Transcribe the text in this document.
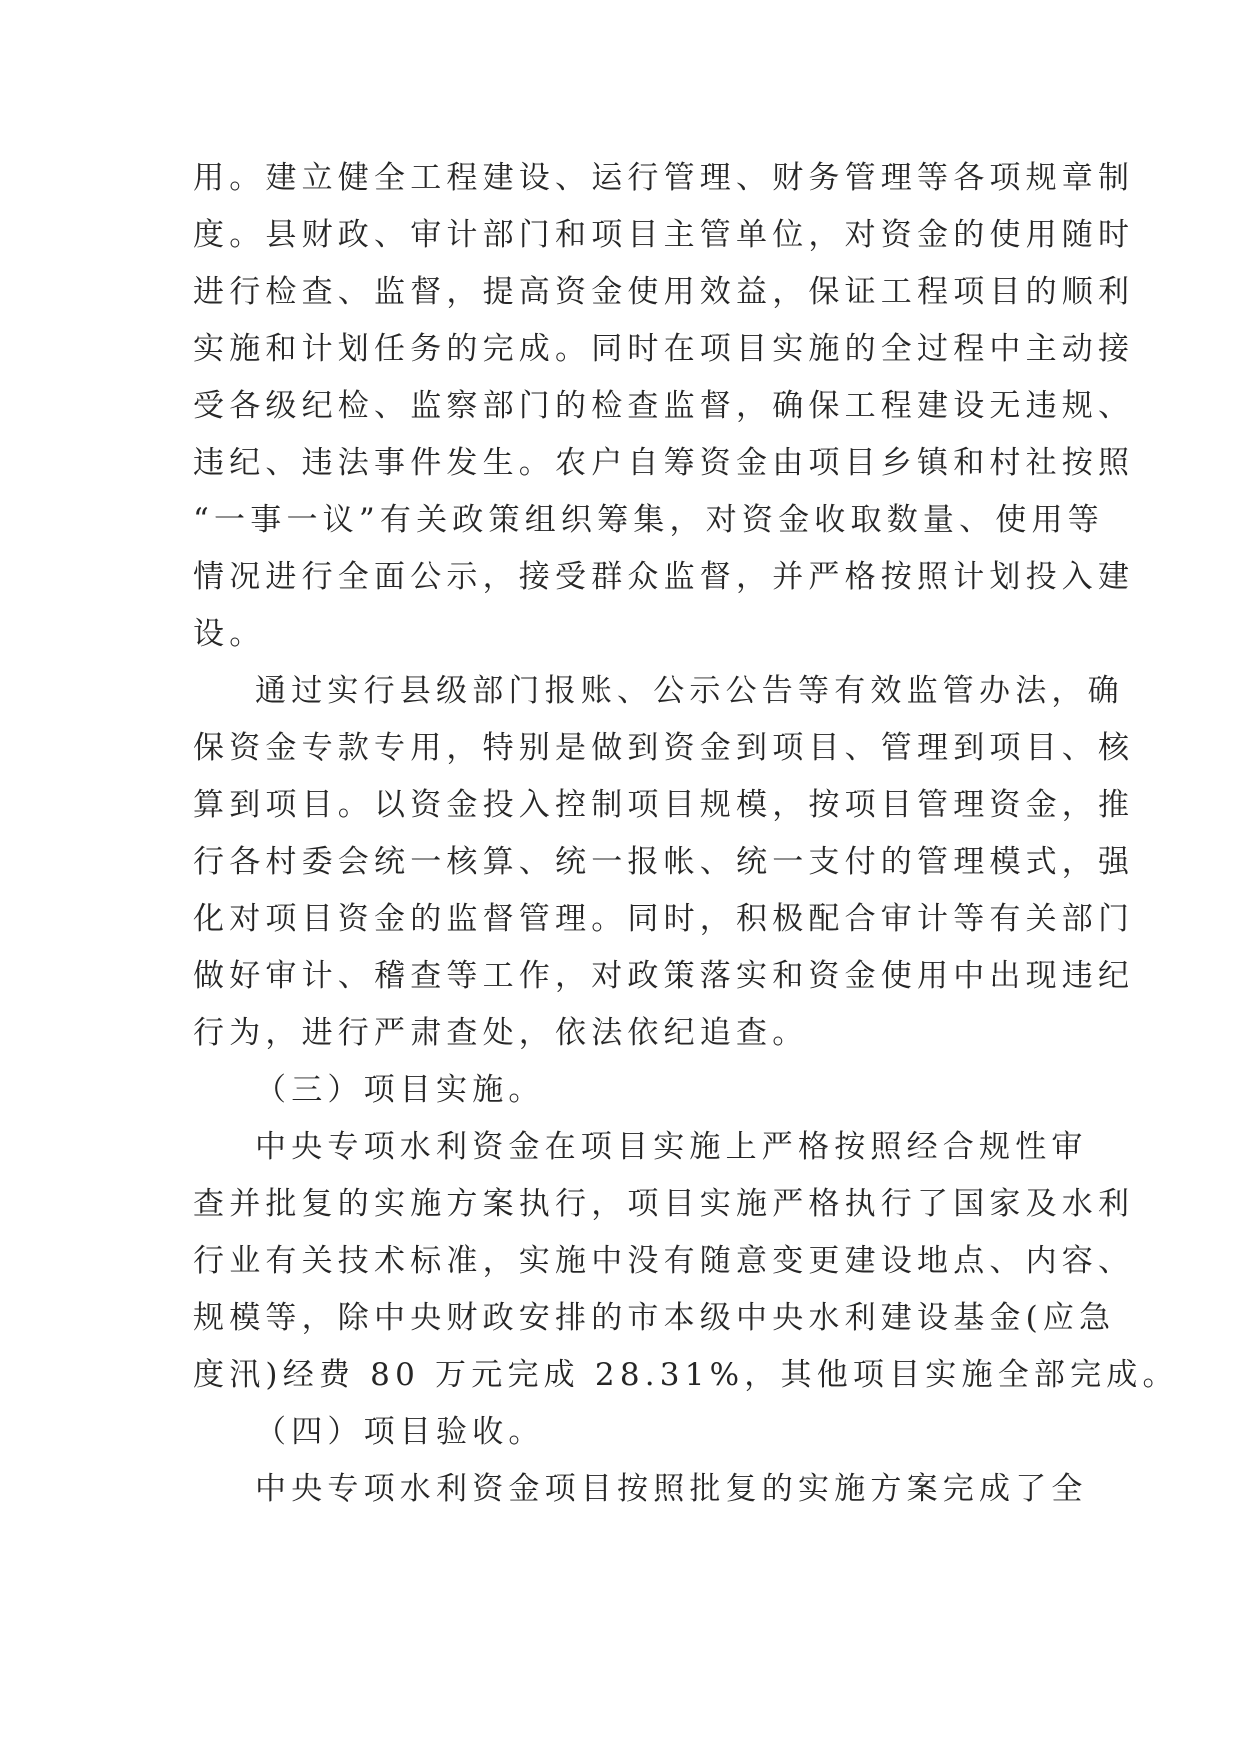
用。建立健全工程建设、运行管理、财务管理等各项规章制
度。县财政、审计部门和项目主管单位，对资金的使用随时
进行检查、监督，提高资金使用效益，保证工程项目的顺利
实施和计划任务的完成。同时在项目实施的全过程中主动接
受各级纪检、监察部门的检查监督，确保工程建设无违规、
违纪、违法事件发生。农户自筹资金由项目乡镇和村社按照
“一事一议”有关政策组织筹集，对资金收取数量、使用等
情况进行全面公示，接受群众监督，并严格按照计划投入建
设。
通过实行县级部门报账、公示公告等有效监管办法，确
保资金专款专用，特别是做到资金到项目、管理到项目、核
算到项目。以资金投入控制项目规模，按项目管理资金，推
行各村委会统一核算、统一报帐、统一支付的管理模式，强
化对项目资金的监督管理。同时，积极配合审计等有关部门
做好审计、稽查等工作，对政策落实和资金使用中出现违纪
行为，进行严肃查处，依法依纪追查。
（三）项目实施。
中央专项水利资金在项目实施上严格按照经合规性审
查并批复的实施方案执行，项目实施严格执行了国家及水利
行业有关技术标准，实施中没有随意变更建设地点、内容、
规模等，除中央财政安排的市本级中央水利建设基金(应急
度汛)经费 80 万元完成 28.31%，其他项目实施全部完成。
（四）项目验收。
中央专项水利资金项目按照批复的实施方案完成了全
